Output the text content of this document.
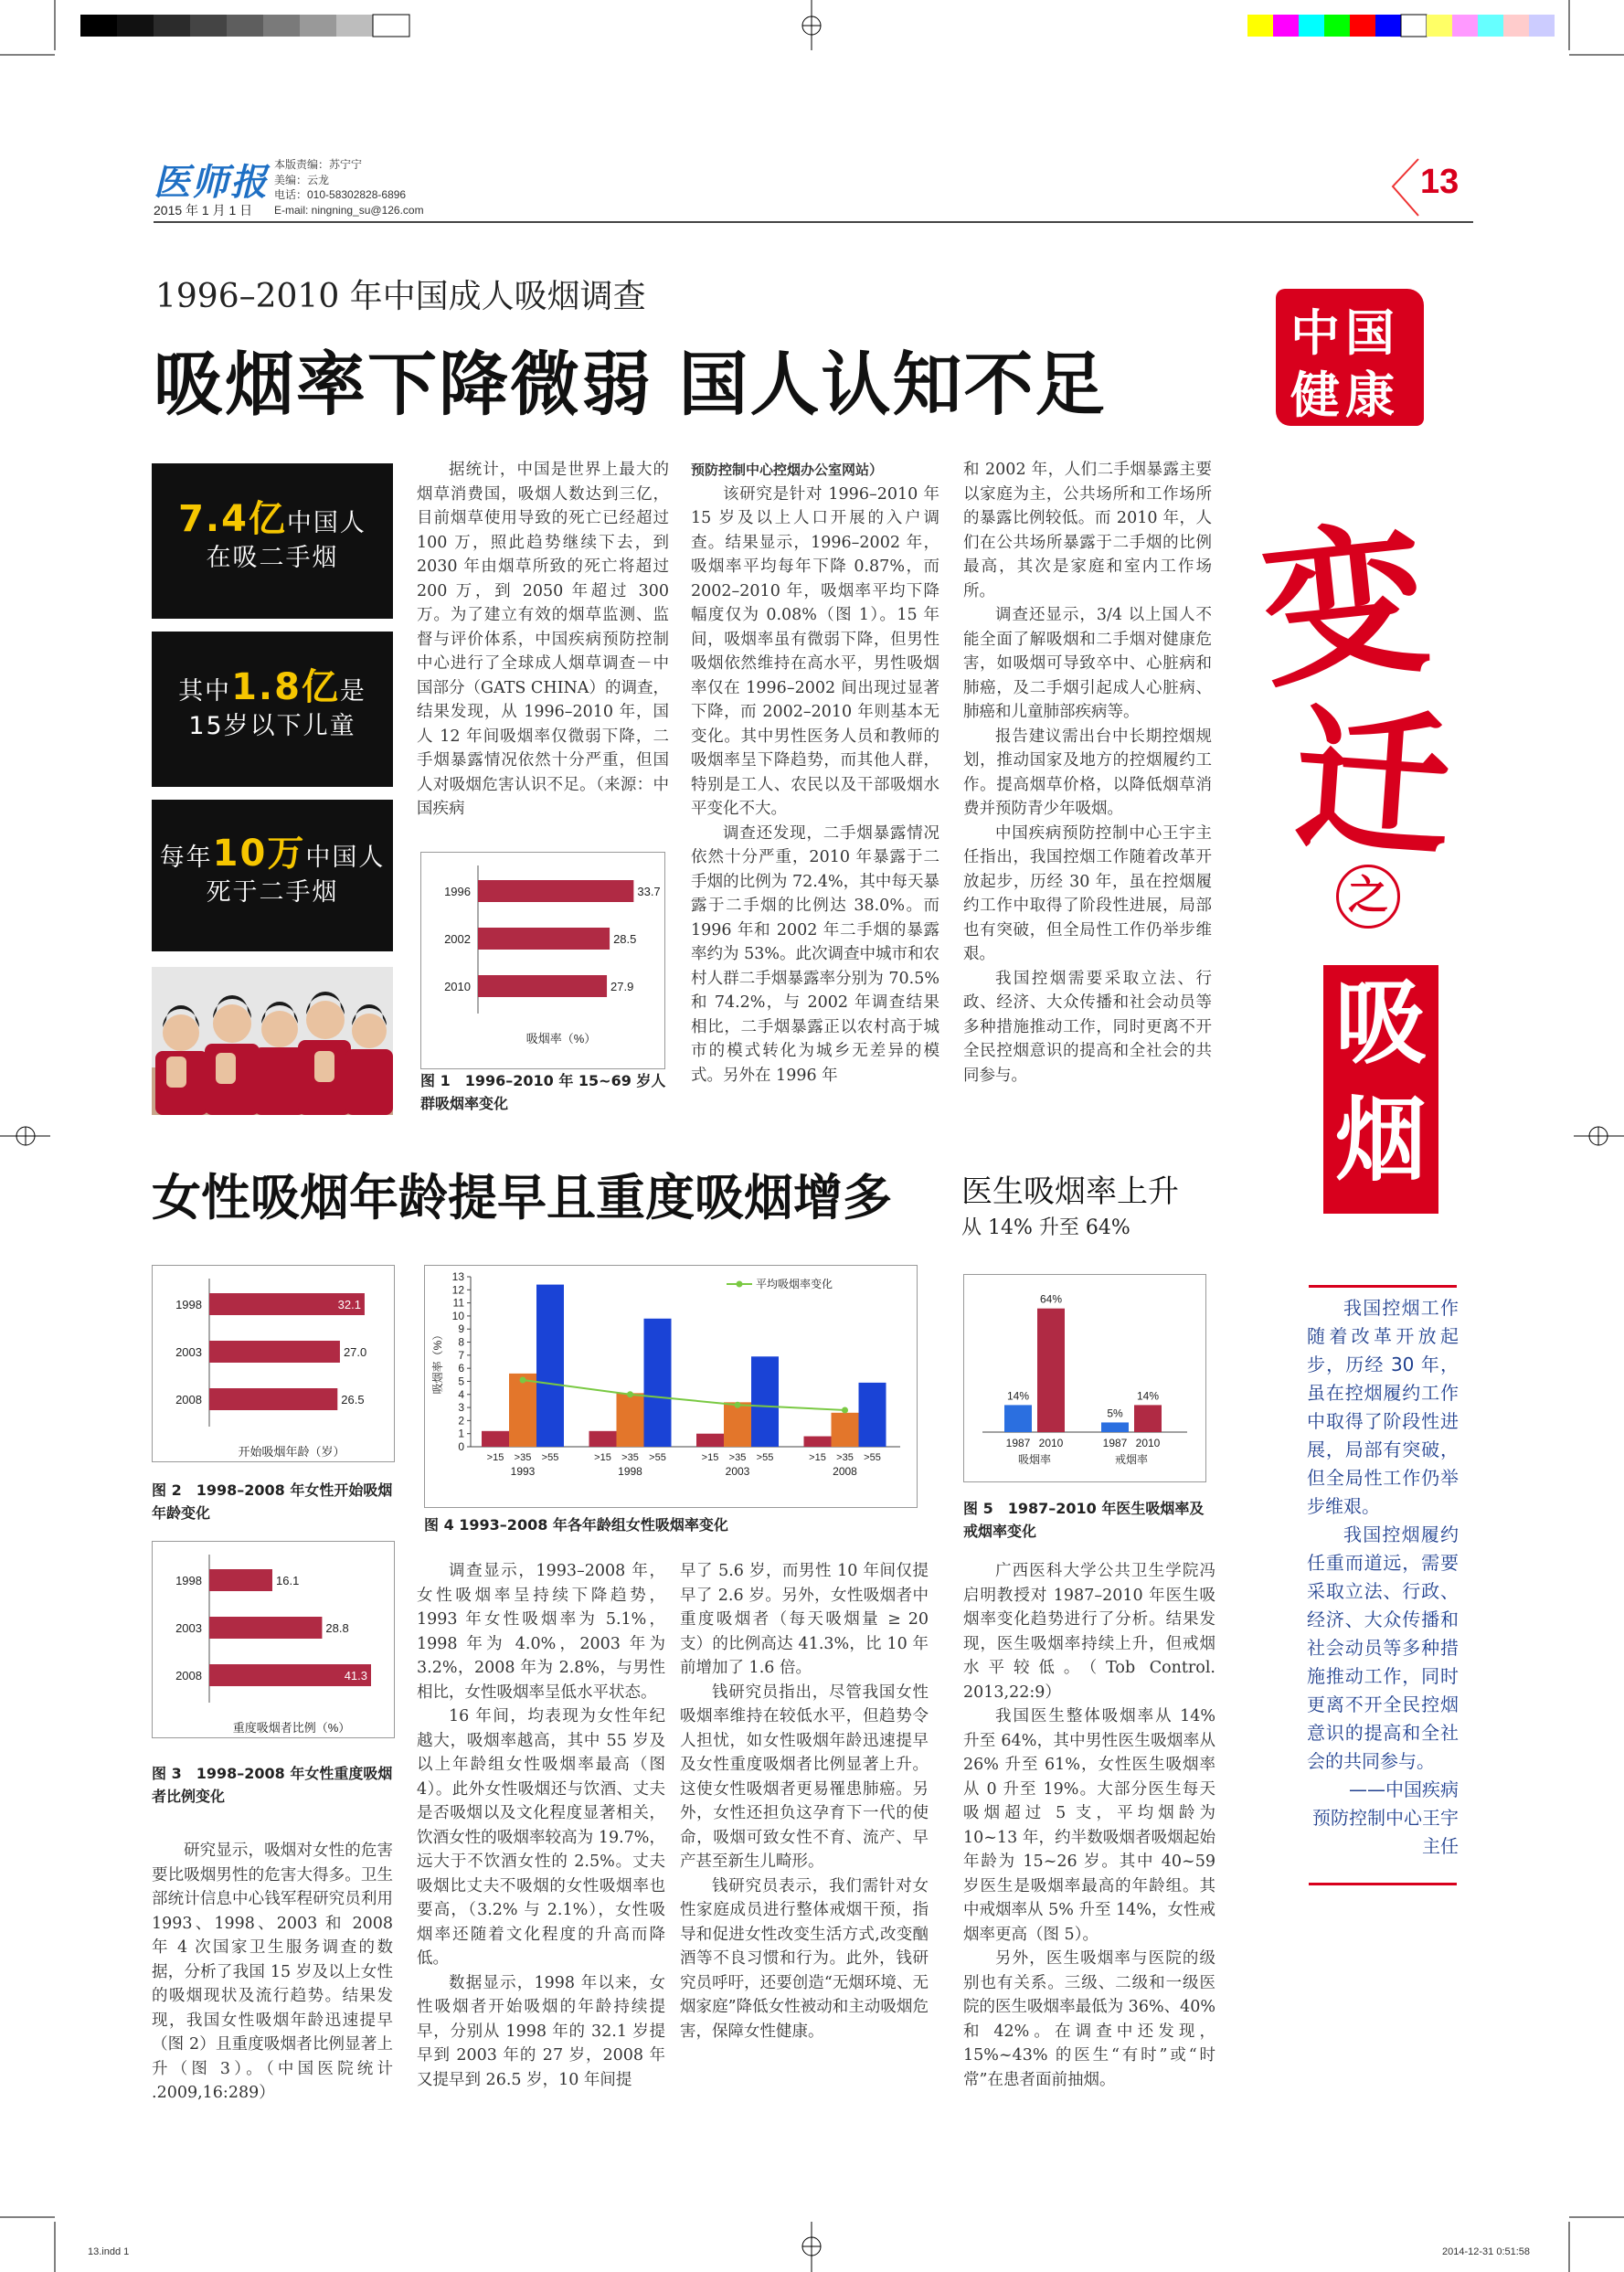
医师报
2015 年 1 月 1 日
本版责编：苏宁宁
美编：云龙
电话：010-58302828-6896
E-mail: ningning_su@126.com
13
中国
健康
变
迁
之
吸
烟
1996–2010 年中国成人吸烟调查
吸烟率下降微弱 国人认知不足
7.4亿中国人
在吸二手烟
其中1.8亿是
15岁以下儿童
每年10万中国人
死于二手烟

据统计，中国是世界上最大的烟草消费国，吸烟人数达到三亿，目前烟草使用导致的死亡已经超过 100 万，照此趋势继续下去，到 2030 年由烟草所致的死亡将超过 200 万，到 2050 年超过 300 万。为了建立有效的烟草监测、监督与评价体系，中国疾病预防控制中心进行了全球成人烟草调查－中国部分（GATS CHINA）的调查，结果发现，从 1996–2010 年，国人 12 年间吸烟率仅微弱下降，二手烟暴露情况依然十分严重，但国人对吸烟危害认识不足。（来源：中国疾病

1996	33.7
2002	28.5
2010	27.9
吸烟率（%）
图 1　1996–2010 年 15~69 岁人群吸烟率变化

预防控制中心控烟办公室网站）

该研究是针对 1996–2010 年 15 岁及以上人口开展的入户调查。结果显示，1996–2002 年，吸烟率平均每年下降 0.87%，而 2002–2010 年，吸烟率平均下降幅度仅为 0.08%（图 1）。15 年间，吸烟率虽有微弱下降，但男性吸烟依然维持在高水平，男性吸烟率仅在 1996–2002 间出现过显著下降，而 2002–2010 年则基本无变化。其中男性医务人员和教师的吸烟率呈下降趋势，而其他人群，特别是工人、农民以及干部吸烟水平变化不大。

调查还发现，二手烟暴露情况依然十分严重，2010 年暴露于二手烟的比例为 72.4%，其中每天暴露于二手烟的比例达 38.0%。而 1996 年和 2002 年二手烟的暴露率约为 53%。此次调查中城市和农村人群二手烟暴露率分别为 70.5% 和 74.2%，与 2002 年调查结果相比，二手烟暴露正以农村高于城市的模式转化为城乡无差异的模式。另外在 1996 年

和 2002 年，人们二手烟暴露主要以家庭为主，公共场所和工作场所的暴露比例较低。而 2010 年，人们在公共场所暴露于二手烟的比例最高，其次是家庭和室内工作场所。

调查还显示，3/4 以上国人不能全面了解吸烟和二手烟对健康危害，如吸烟可导致卒中、心脏病和肺癌，及二手烟引起成人心脏病、肺癌和儿童肺部疾病等。

报告建议需出台中长期控烟规划，推动国家及地方的控烟履约工作。提高烟草价格，以降低烟草消费并预防青少年吸烟。

中国疾病预防控制中心王宇主任指出，我国控烟工作随着改革开放起步，历经 30 年，虽在控烟履约工作中取得了阶段性进展，局部也有突破，但全局性工作仍举步维艰。

我国控烟需要采取立法、行政、经济、大众传播和社会动员等多种措施推动工作，同时更离不开全民控烟意识的提高和全社会的共同参与。

女性吸烟年龄提早且重度吸烟增多
1998	32.1
2003	27.0
2008	26.5
开始吸烟年龄（岁）
图 2　1998–2008 年女性开始吸烟年龄变化
1998	16.1
2003	28.8
2008	41.3
重度吸烟者比例（%）
图 3　1998–2008 年女性重度吸烟者比例变化
0
1
2
3
4
5
6
7
8
9
10
11
12
13
吸烟率（%）
>15 >35 >55
1993
>15 >35 >55
1998
>15 >35 >55
2003
>15 >35 >55
2008
平均吸烟率变化
图 4 1993–2008 年各年龄组女性吸烟率变化

研究显示，吸烟对女性的危害要比吸烟男性的危害大得多。卫生部统计信息中心钱军程研究员利用 1993、1998、2003 和 2008 年 4 次国家卫生服务调查的数据，分析了我国 15 岁及以上女性的吸烟现状及流行趋势。结果发现，我国女性吸烟年龄迅速提早（图 2）且重度吸烟者比例显著上升（图 3）。（中国医院统计 .2009,16:289）

调查显示，1993–2008 年，女性吸烟率呈持续下降趋势，1993 年女性吸烟率为 5.1%，1998 年为 4.0%，2003 年为 3.2%，2008 年为 2.8%，与男性相比，女性吸烟率呈低水平状态。

16 年间，均表现为女性年纪越大，吸烟率越高，其中 55 岁及以上年龄组女性吸烟率最高（图 4）。此外女性吸烟还与饮酒、丈夫是否吸烟以及文化程度显著相关，饮酒女性的吸烟率较高为 19.7%，远大于不饮酒女性的 2.5%。丈夫吸烟比丈夫不吸烟的女性吸烟率也要高，（3.2% 与 2.1%），女性吸烟率还随着文化程度的升高而降低。

数据显示，1998 年以来，女性吸烟者开始吸烟的年龄持续提早，分别从 1998 年的 32.1 岁提早到 2003 年的 27 岁，2008 年又提早到 26.5 岁，10 年间提

早了 5.6 岁，而男性 10 年间仅提早了 2.6 岁。另外，女性吸烟者中重度吸烟者（每天吸烟量 ≥ 20 支）的比例高达 41.3%，比 10 年前增加了 1.6 倍。

钱研究员指出，尽管我国女性吸烟率维持在较低水平，但趋势令人担忧，如女性吸烟年龄迅速提早及女性重度吸烟者比例显著上升。这使女性吸烟者更易罹患肺癌。另外，女性还担负这孕育下一代的使命，吸烟可致女性不育、流产、早产甚至新生儿畸形。

钱研究员表示，我们需针对女性家庭成员进行整体戒烟干预，指导和促进女性改变生活方式,改变酗酒等不良习惯和行为。此外，钱研究员呼吁，还要创造“无烟环境、无烟家庭”降低女性被动和主动吸烟危害，保障女性健康。

医生吸烟率上升
从 14% 升至 64%
14%
1987
64%
2010
吸烟率
5%
1987
14%
2010
戒烟率
图 5　1987–2010 年医生吸烟率及戒烟率变化

广西医科大学公共卫生学院冯启明教授对 1987–2010 年医生吸烟率变化趋势进行了分析。结果发现，医生吸烟率持续上升，但戒烟水平较低。（Tob Control. 2013,22:9）

我国医生整体吸烟率从 14% 升至 64%，其中男性医生吸烟率从 26% 升至 61%，女性医生吸烟率从 0 升至 19%。大部分医生每天吸烟超过 5 支，平均烟龄为 10~13 年，约半数吸烟者吸烟起始年龄为 15~26 岁。其中 40~59 岁医生是吸烟率最高的年龄组。其中戒烟率从 5% 升至 14%，女性戒烟率更高（图 5）。

另外，医生吸烟率与医院的级别也有关系。三级、二级和一级医院的医生吸烟率最低为 36%、40% 和 42%。在调查中还发现，15%~43% 的医生“有时”或“时常”在患者面前抽烟。

我国控烟工作随着改革开放起步，历经 30 年，虽在控烟履约工作中取得了阶段性进展，局部有突破，但全局性工作仍举步维艰。

我国控烟履约任重而道远，需要采取立法、行政、经济、大众传播和社会动员等多种措施推动工作，同时更离不开全民控烟意识的提高和全社会的共同参与。

——中国疾病预防控制中心王宇主任

13.indd 1	2014-12-31 0:51:58
